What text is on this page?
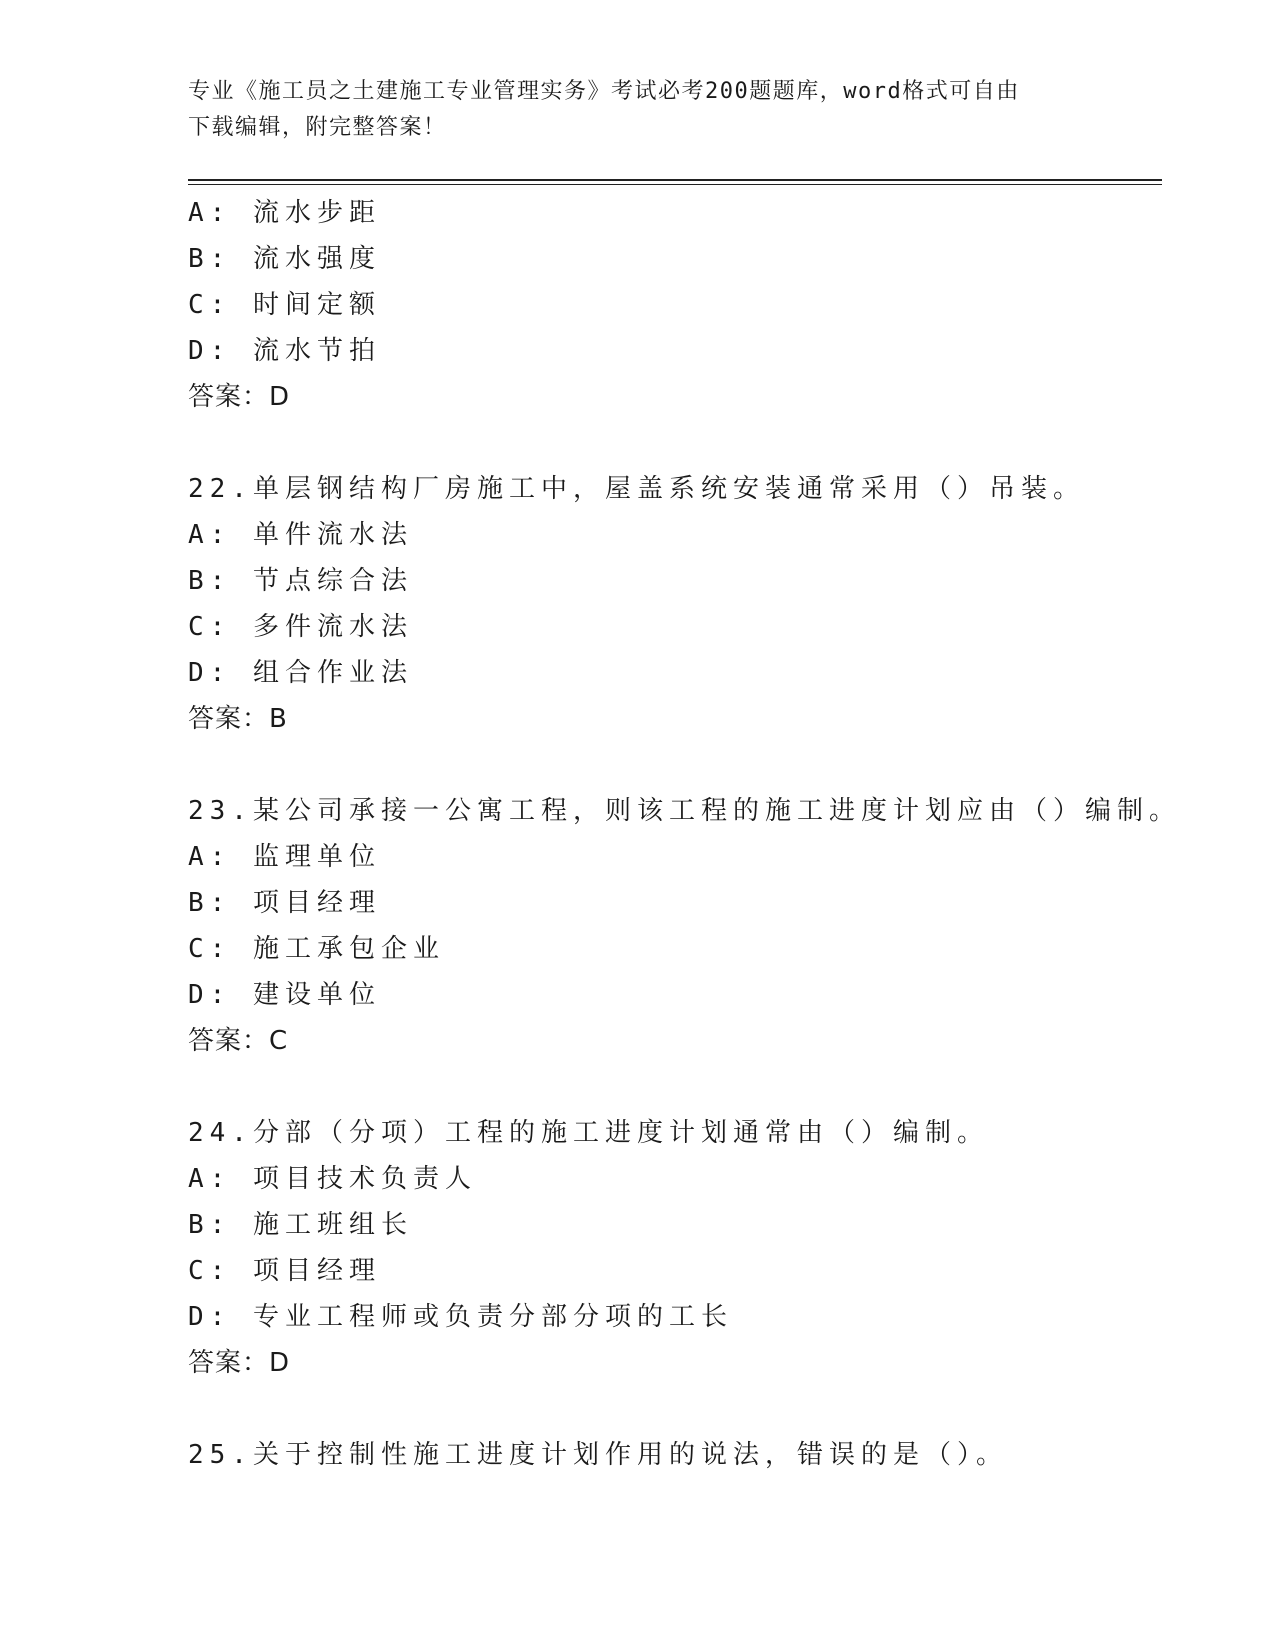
专业《施工员之土建施工专业管理实务》考试必考200题题库，word格式可自由
下载编辑，附完整答案！
A: 流水步距
B: 流水强度
C: 时间定额
D: 流水节拍
答案：D
22.单层钢结构厂房施工中，屋盖系统安装通常采用（）吊装。
A: 单件流水法
B: 节点综合法
C: 多件流水法
D: 组合作业法
答案：B
23.某公司承接一公寓工程，则该工程的施工进度计划应由（）编制。
A: 监理单位
B: 项目经理
C: 施工承包企业
D: 建设单位
答案：C
24.分部（分项）工程的施工进度计划通常由（）编制。
A: 项目技术负责人
B: 施工班组长
C: 项目经理
D: 专业工程师或负责分部分项的工长
答案：D
25.关于控制性施工进度计划作用的说法，错误的是（）。
